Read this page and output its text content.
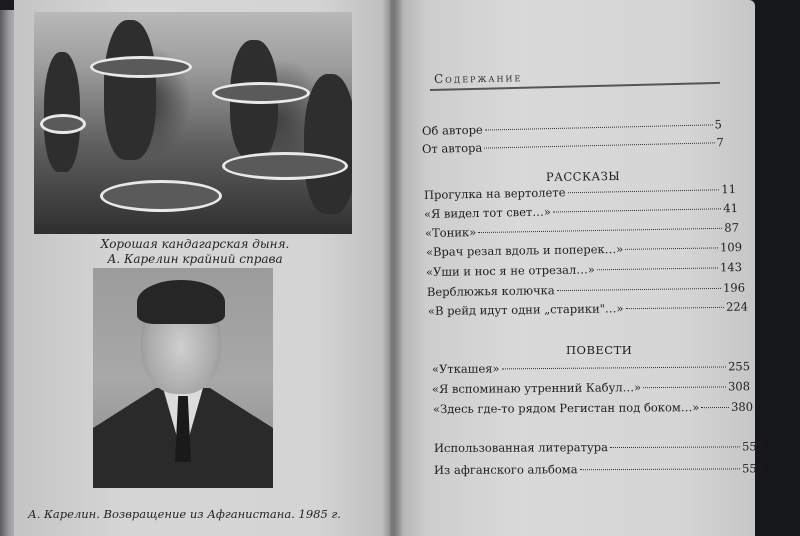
Хорошая кандагарская дыня.
А. Карелин крайний справа
А. Карелин. Возвращение из Афганистана. 1985 г.
Содержание
Об авторе	5
От автора	7
РАССКАЗЫ
Прогулка на вертолете	11
«Я видел тот свет…»	41
«Тоник»	87
«Врач резал вдоль и поперек…»	109
«Уши и нос я не отрезал…»	143
Верблюжья колючка	196
«В рейд идут одни „старики"…»	224
ПОВЕСТИ
«Уткашея»	255
«Я вспоминаю утренний Кабул…»	308
«Здесь где-то рядом Регистан под боком…»	380
Использованная литература	555
Из афганского альбома	557
